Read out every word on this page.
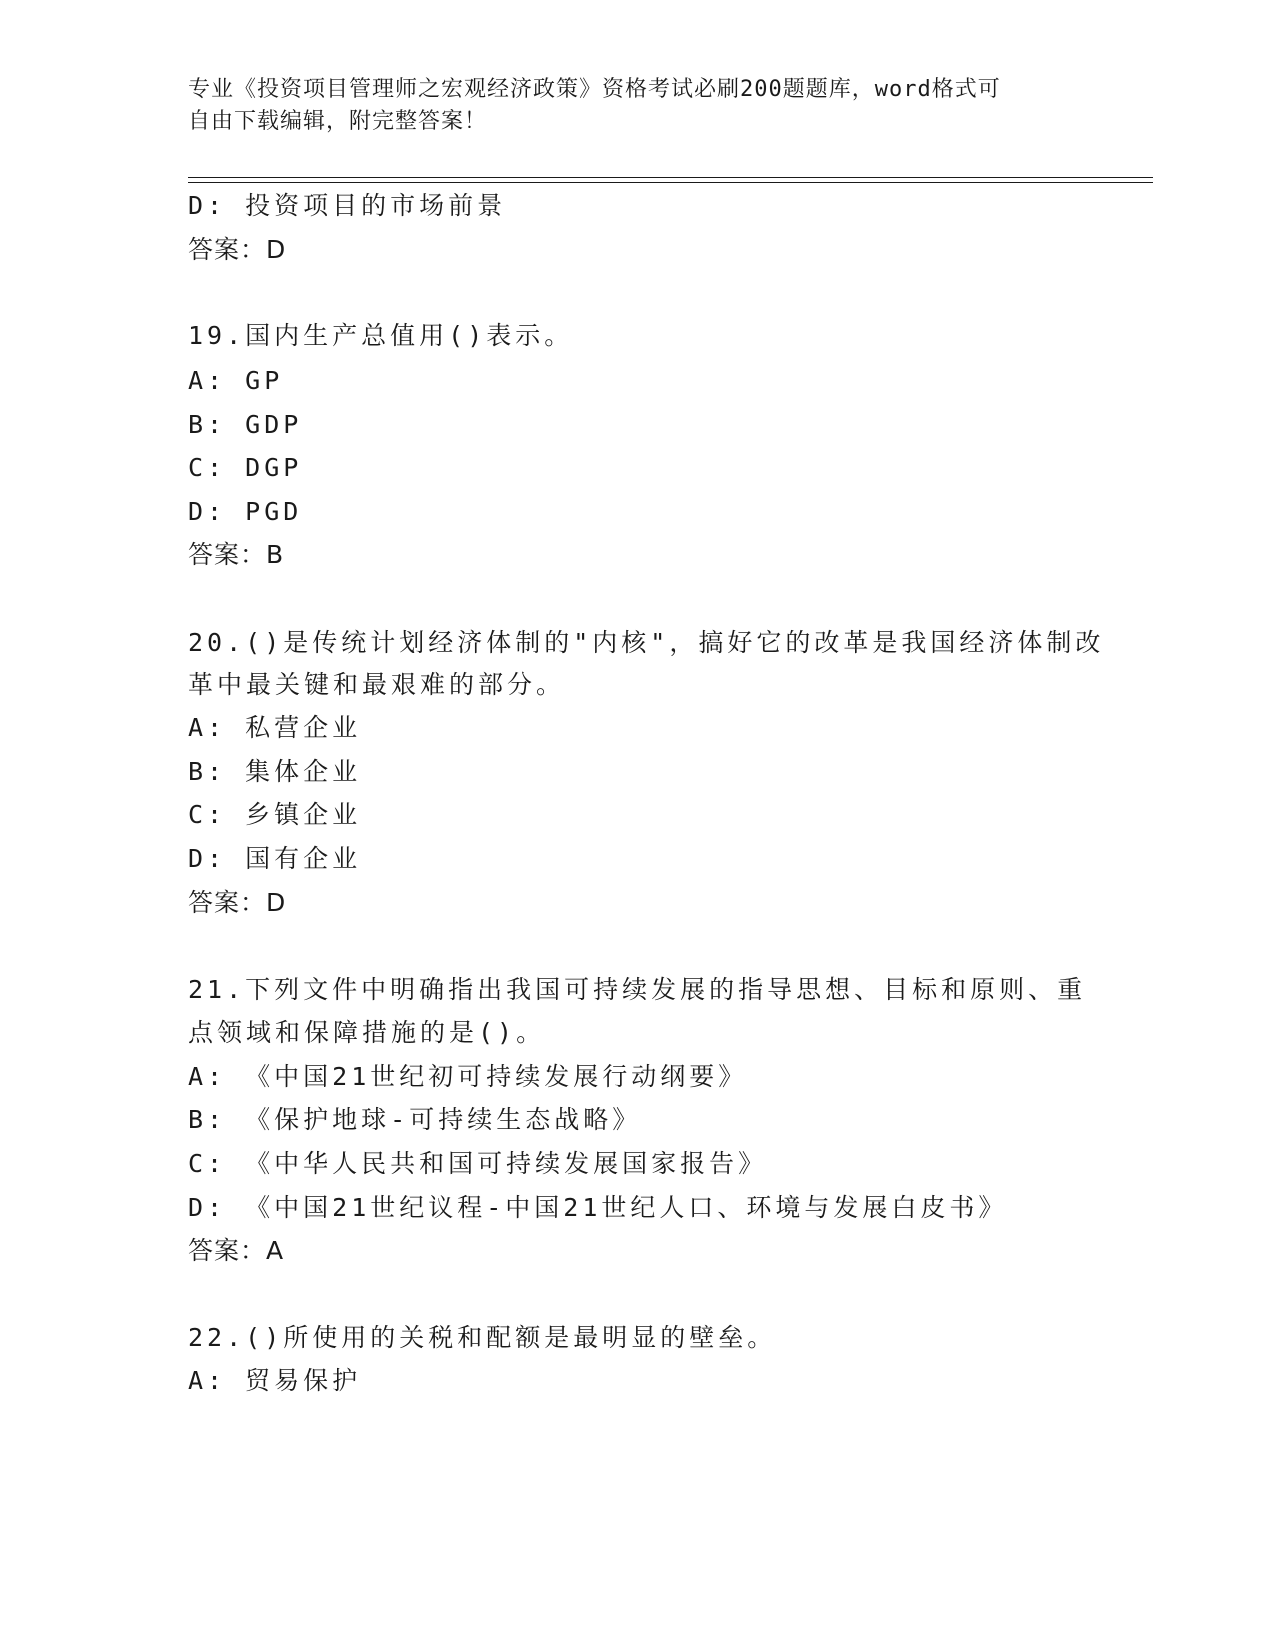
专业《投资项目管理师之宏观经济政策》资格考试必刷200题题库，word格式可
自由下载编辑，附完整答案！
D: 投资项目的市场前景
答案：D
19.国内生产总值用()表示。
A: GP
B: GDP
C: DGP
D: PGD
答案：B
20.()是传统计划经济体制的"内核"，搞好它的改革是我国经济体制改
革中最关键和最艰难的部分。
A: 私营企业
B: 集体企业
C: 乡镇企业
D: 国有企业
答案：D
21.下列文件中明确指出我国可持续发展的指导思想、目标和原则、重
点领域和保障措施的是()。
A: 《中国21世纪初可持续发展行动纲要》
B: 《保护地球-可持续生态战略》
C: 《中华人民共和国可持续发展国家报告》
D: 《中国21世纪议程-中国21世纪人口、环境与发展白皮书》
答案：A
22.()所使用的关税和配额是最明显的壁垒。
A: 贸易保护
